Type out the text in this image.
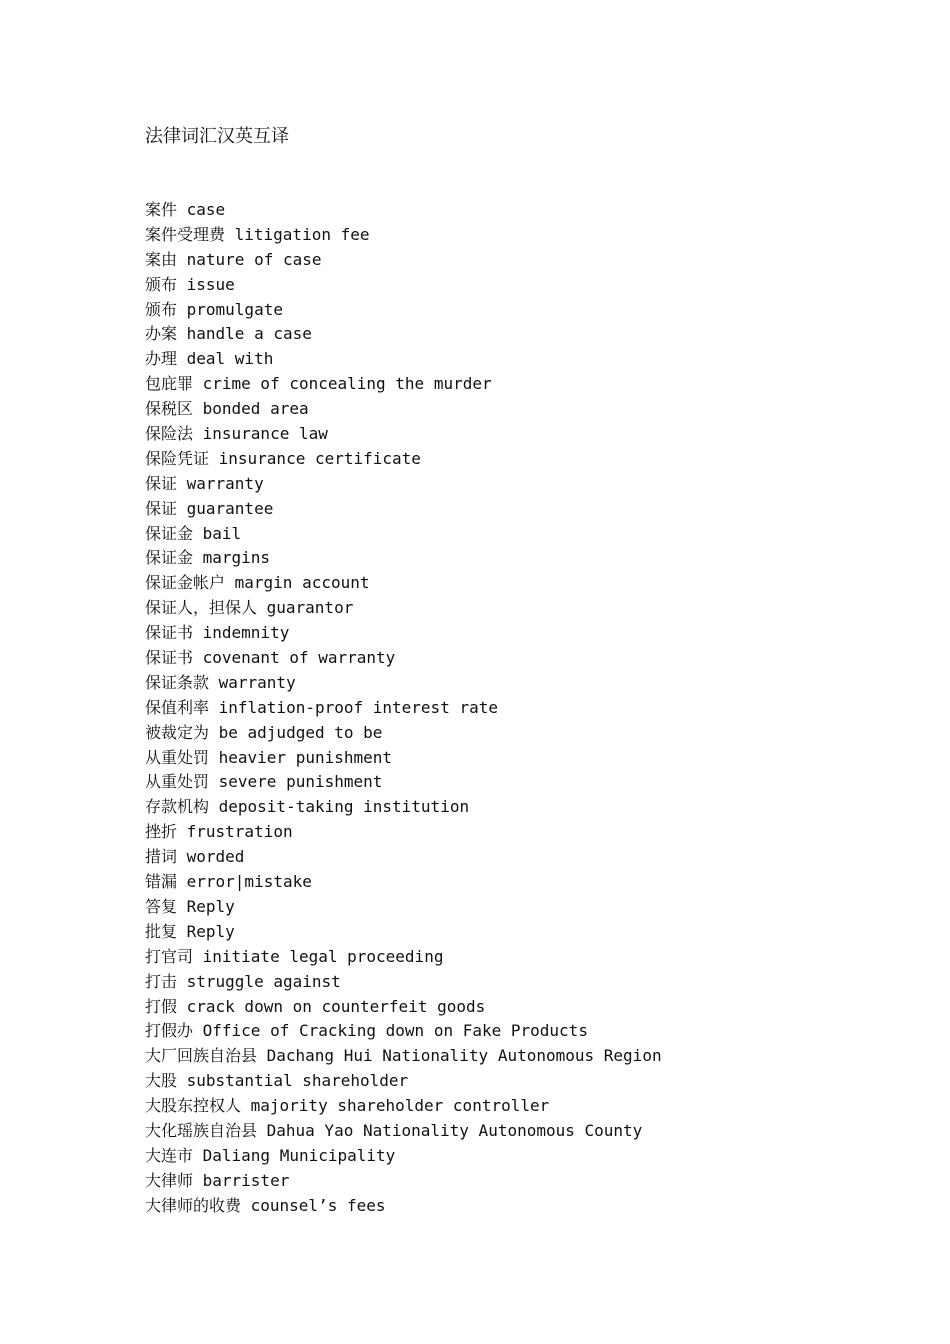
法律词汇汉英互译
案件 case
案件受理费 litigation fee
案由 nature of case
颁布 issue
颁布 promulgate
办案 handle a case
办理 deal with
包庇罪 crime of concealing the murder
保税区 bonded area
保险法 insurance law
保险凭证 insurance certificate
保证 warranty
保证 guarantee
保证金 bail
保证金 margins
保证金帐户 margin account
保证人，担保人 guarantor
保证书 indemnity
保证书 covenant of warranty
保证条款 warranty
保值利率 inflation-proof interest rate
被裁定为 be adjudged to be
从重处罚 heavier punishment
从重处罚 severe punishment
存款机构 deposit-taking institution
挫折 frustration
措词 worded
错漏 error|mistake
答复 Reply
批复 Reply
打官司 initiate legal proceeding
打击 struggle against
打假 crack down on counterfeit goods
打假办 Office of Cracking down on Fake Products
大厂回族自治县 Dachang Hui Nationality Autonomous Region
大股 substantial shareholder
大股东控权人 majority shareholder controller
大化瑶族自治县 Dahua Yao Nationality Autonomous County
大连市 Daliang Municipality
大律师 barrister
大律师的收费 counsel’s fees
